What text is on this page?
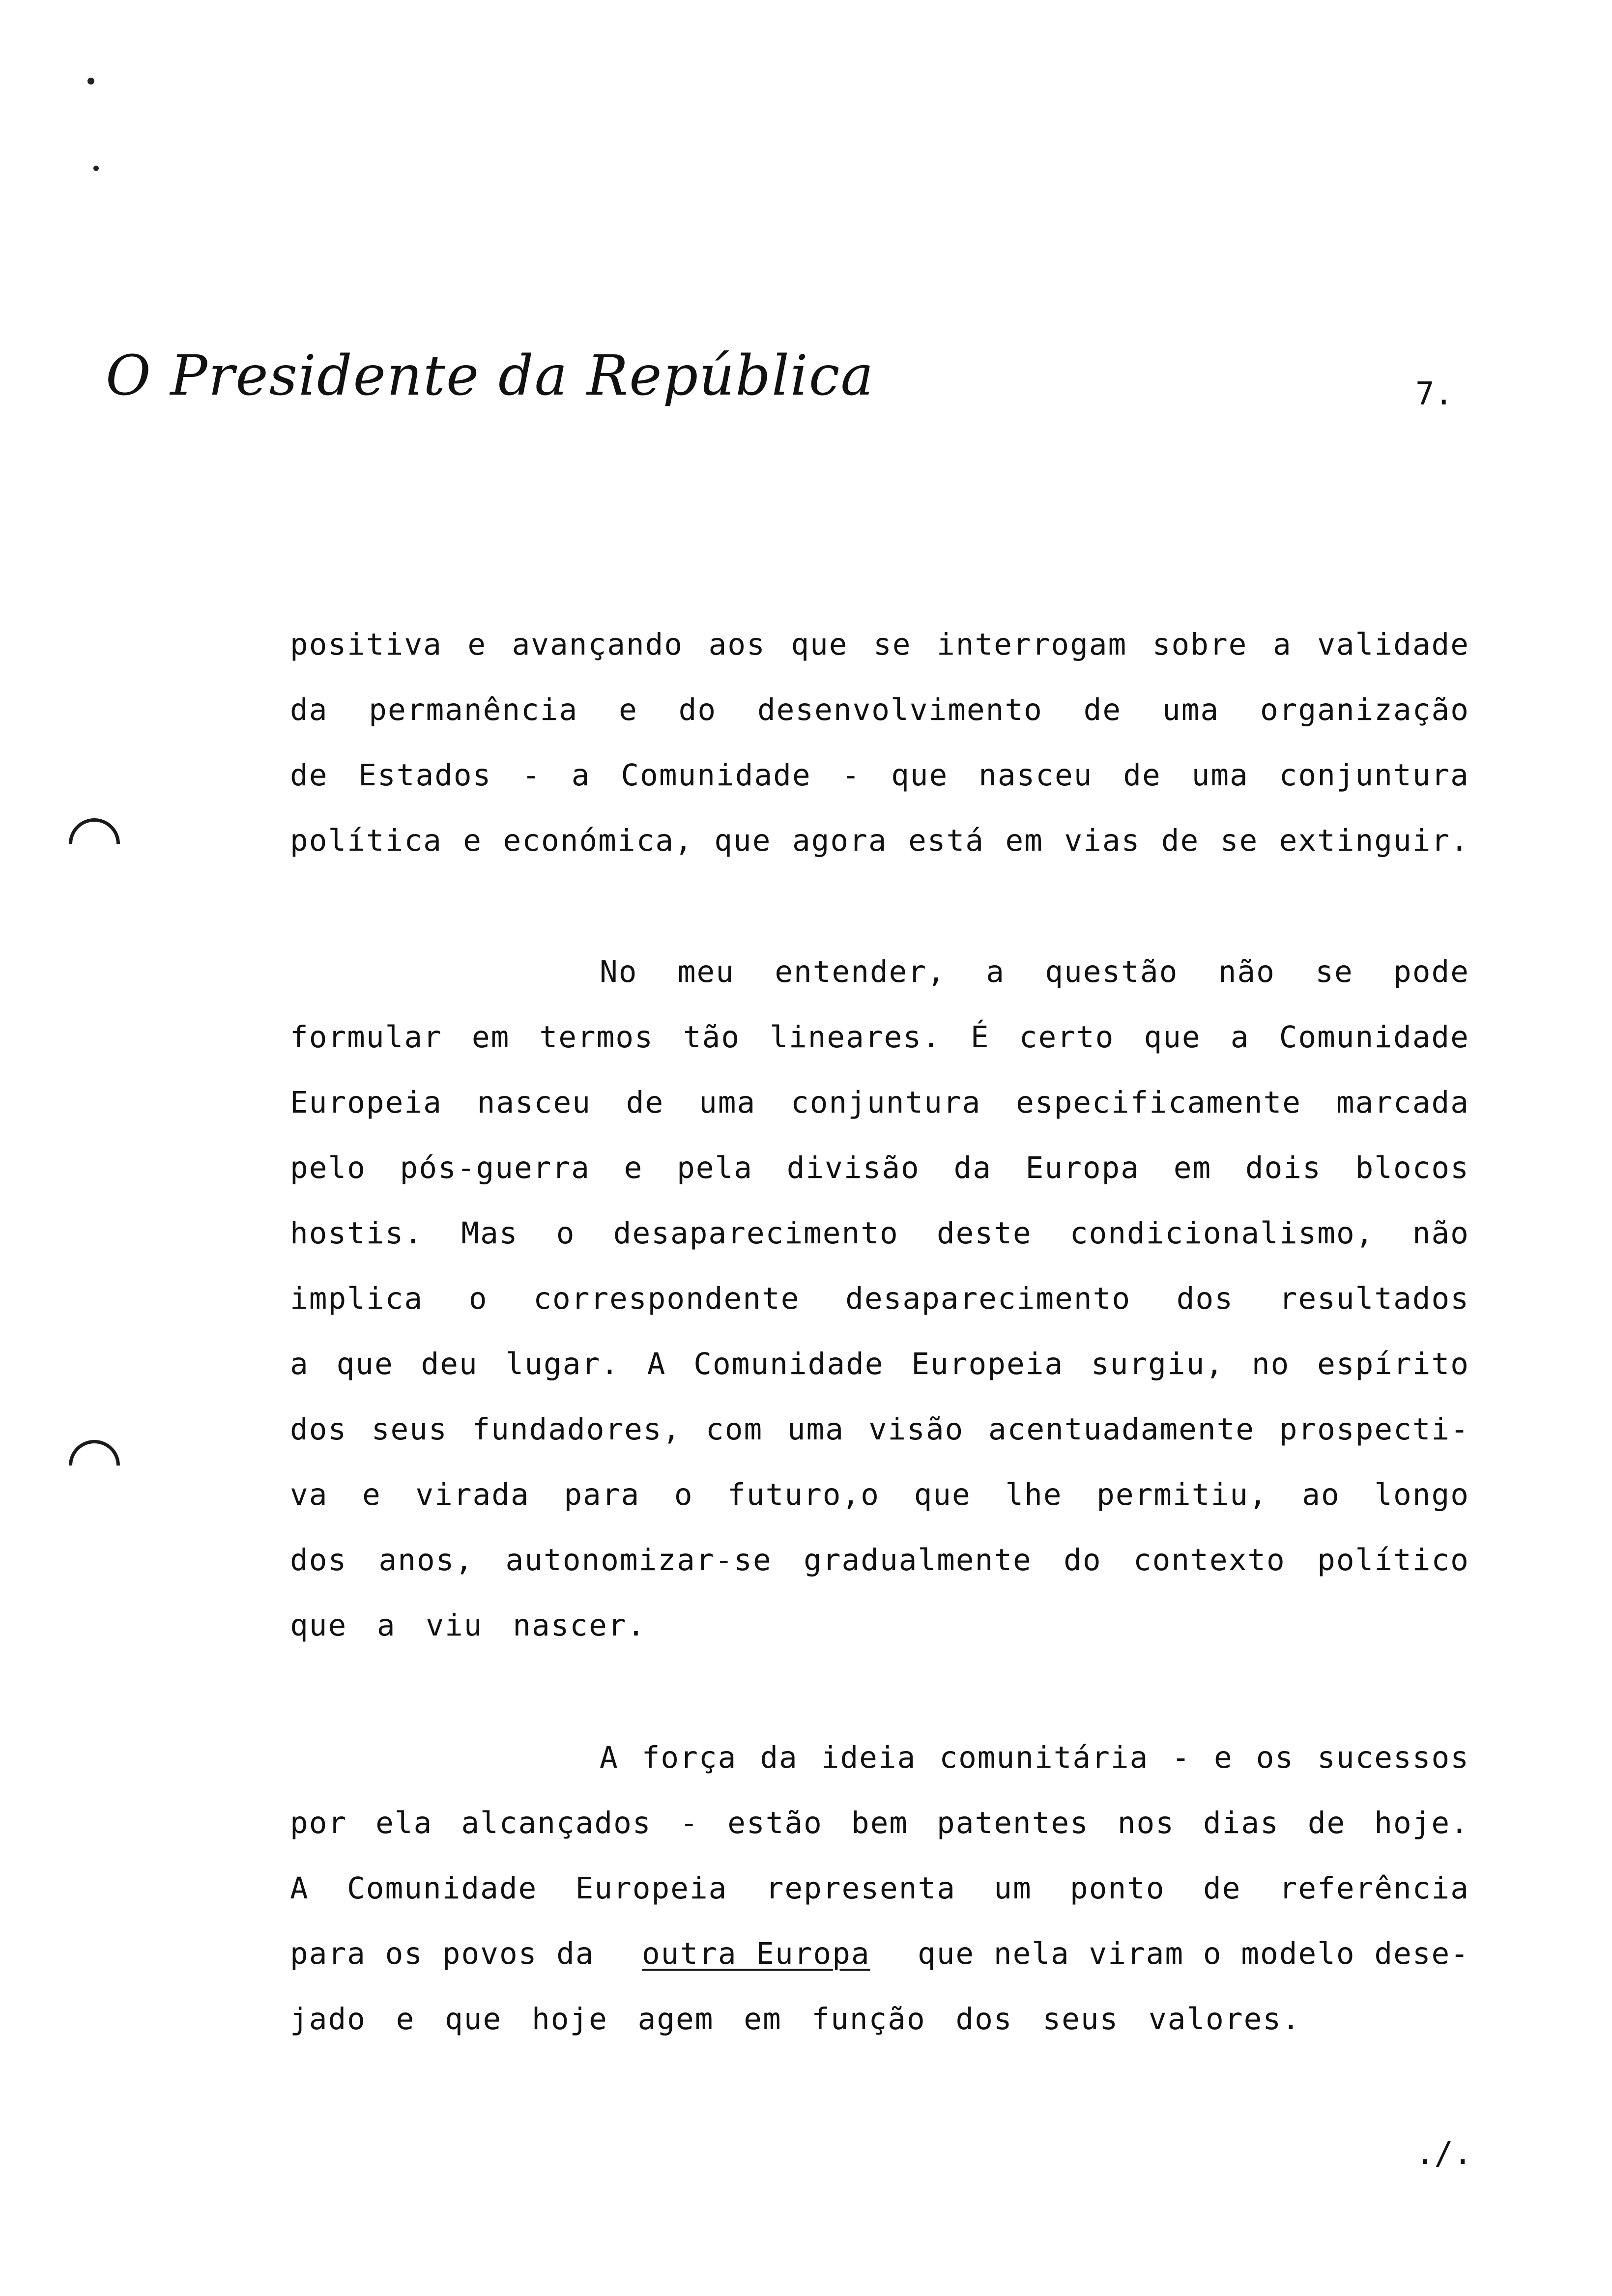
O Presidente da República	7.
positiva e avançando aos que se interrogam sobre a validade
da permanência e do desenvolvimento de uma organização
de Estados - a Comunidade - que nasceu de uma conjuntura
política e económica, que agora está em vias de se extinguir.
No meu entender, a questão não se pode
formular em termos tão lineares. É certo que a Comunidade
Europeia nasceu de uma conjuntura especificamente marcada
pelo pós-guerra e pela divisão da Europa em dois blocos
hostis. Mas o desaparecimento deste condicionalismo, não
implica o correspondente desaparecimento dos resultados
a que deu lugar. A Comunidade Europeia surgiu, no espírito
dos seus fundadores, com uma visão acentuadamente prospecti-
va e virada para o futuro,o que lhe permitiu, ao longo
dos anos, autonomizar-se gradualmente do contexto político
que a viu nascer.
A força da ideia comunitária - e os sucessos
por ela alcançados - estão bem patentes nos dias de hoje.
A Comunidade Europeia representa um ponto de referência
para os povos da outra Europa que nela viram o modelo dese-
jado e que hoje agem em função dos seus valores.
./.
